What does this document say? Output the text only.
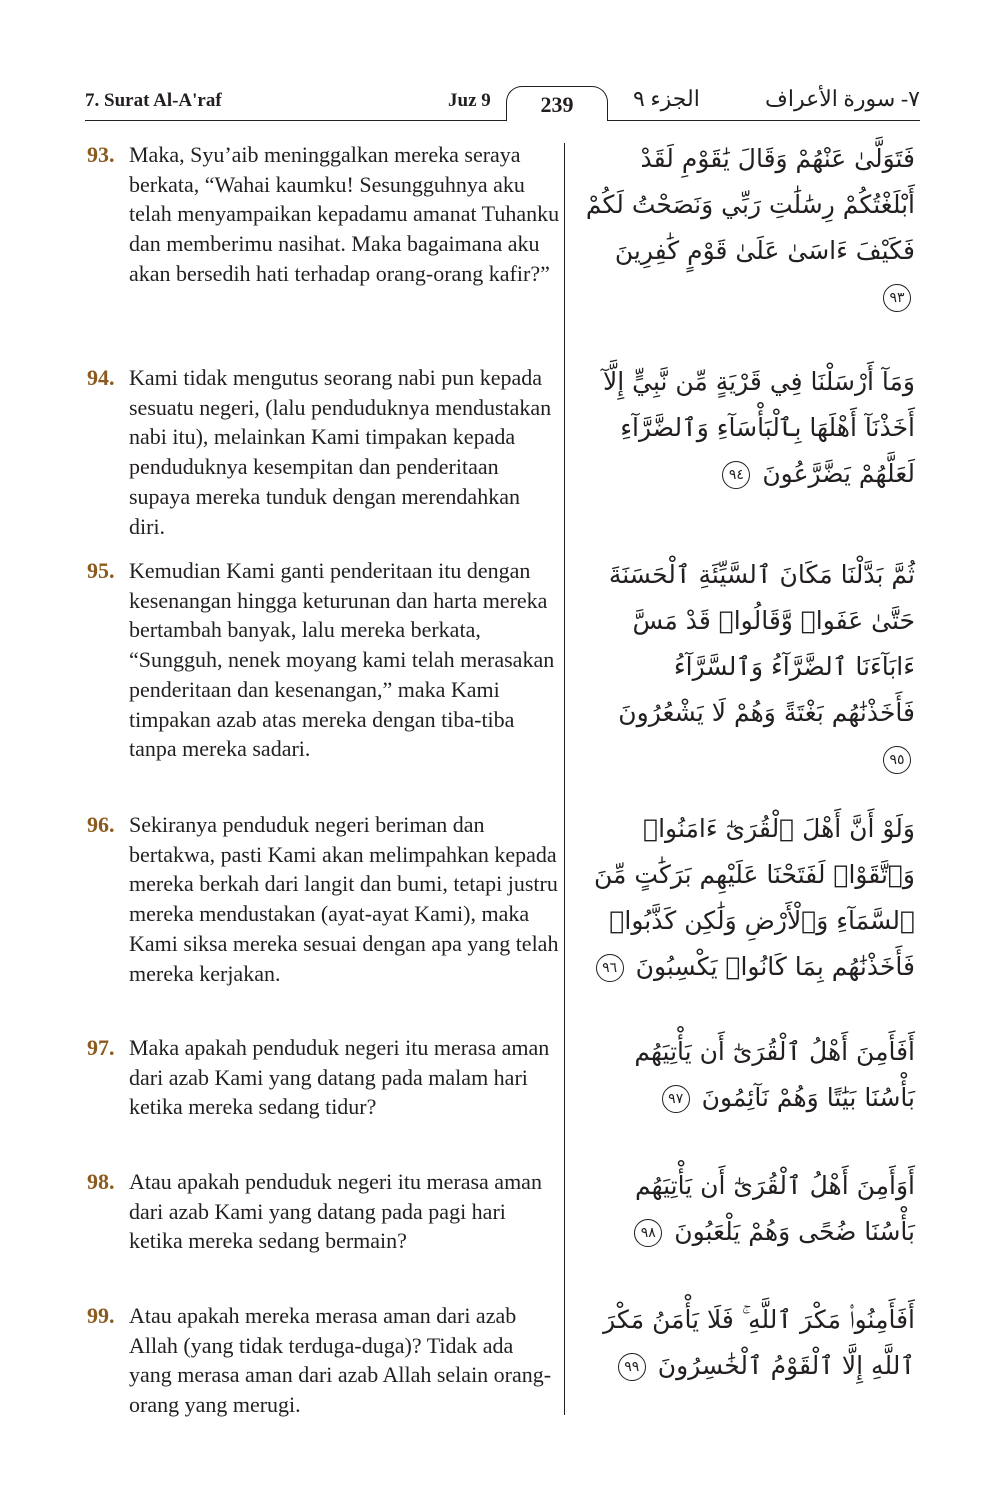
7. Surat Al-A'raf	Juz 9	239	الجزء ٩	٧- سورة الأعراف
93. Maka, Syu’aib meninggalkan mereka seraya berkata, “Wahai kaumku! Sesungguhnya aku telah menyampaikan kepadamu amanat Tuhanku dan memberimu nasihat. Maka bagaimana aku akan bersedih hati terhadap orang-orang kafir?”
فَتَوَلَّىٰ عَنْهُمْ وَقَالَ يَٰقَوْمِ لَقَدْ أَبْلَغْتُكُمْ رِسَٰلَٰتِ رَبِّي وَنَصَحْتُ لَكُمْ فَكَيْفَ ءَاسَىٰ عَلَىٰ قَوْمٍ كَٰفِرِينَ ٩٣
94. Kami tidak mengutus seorang nabi pun kepada sesuatu negeri, (lalu penduduknya mendustakan nabi itu), melainkan Kami timpakan kepada penduduknya kesempitan dan penderitaan supaya mereka tunduk dengan merendahkan diri.
وَمَآ أَرْسَلْنَا فِي قَرْيَةٍ مِّن نَّبِيٍّ إِلَّآ أَخَذْنَآ أَهْلَهَا بِٱلْبَأْسَآءِ وَٱلضَّرَّآءِ لَعَلَّهُمْ يَضَّرَّعُونَ ٩٤
95. Kemudian Kami ganti penderitaan itu dengan kesenangan hingga keturunan dan harta mereka bertambah banyak, lalu mereka berkata, “Sungguh, nenek moyang kami telah merasakan penderitaan dan kesenangan,” maka Kami timpakan azab atas mereka dengan tiba-tiba tanpa mereka sadari.
ثُمَّ بَدَّلْنَا مَكَانَ ٱلسَّيِّئَةِ ٱلْحَسَنَةَ حَتَّىٰ عَفَوا۟ وَّقَالُوا۟ قَدْ مَسَّ ءَابَآءَنَا ٱلضَّرَّآءُ وَٱلسَّرَّآءُ فَأَخَذْنَٰهُم بَغْتَةً وَهُمْ لَا يَشْعُرُونَ ٩٥
96. Sekiranya penduduk negeri beriman dan bertakwa, pasti Kami akan melimpahkan kepada mereka berkah dari langit dan bumi, tetapi justru mereka mendustakan (ayat-ayat Kami), maka Kami siksa mereka sesuai dengan apa yang telah mereka kerjakan.
وَلَوْ أَنَّ أَهْلَ ٱلْقُرَىٰٓ ءَامَنُوا۟ وَٱتَّقَوْا۟ لَفَتَحْنَا عَلَيْهِم بَرَكَٰتٍ مِّنَ ٱلسَّمَآءِ وَٱلْأَرْضِ وَلَٰكِن كَذَّبُوا۟ فَأَخَذْنَٰهُم بِمَا كَانُوا۟ يَكْسِبُونَ ٩٦
97. Maka apakah penduduk negeri itu merasa aman dari azab Kami yang datang pada malam hari ketika mereka sedang tidur?
أَفَأَمِنَ أَهْلُ ٱلْقُرَىٰٓ أَن يَأْتِيَهُم بَأْسُنَا بَيَٰتًا وَهُمْ نَآئِمُونَ ٩٧
98. Atau apakah penduduk negeri itu merasa aman dari azab Kami yang datang pada pagi hari ketika mereka sedang bermain?
أَوَأَمِنَ أَهْلُ ٱلْقُرَىٰٓ أَن يَأْتِيَهُم بَأْسُنَا ضُحًى وَهُمْ يَلْعَبُونَ ٩٨
99. Atau apakah mereka merasa aman dari azab Allah (yang tidak terduga-duga)? Tidak ada yang merasa aman dari azab Allah selain orang-orang yang merugi.
أَفَأَمِنُوا۟ مَكْرَ ٱللَّهِ ۚ فَلَا يَأْمَنُ مَكْرَ ٱللَّهِ إِلَّا ٱلْقَوْمُ ٱلْخَٰسِرُونَ ٩٩
